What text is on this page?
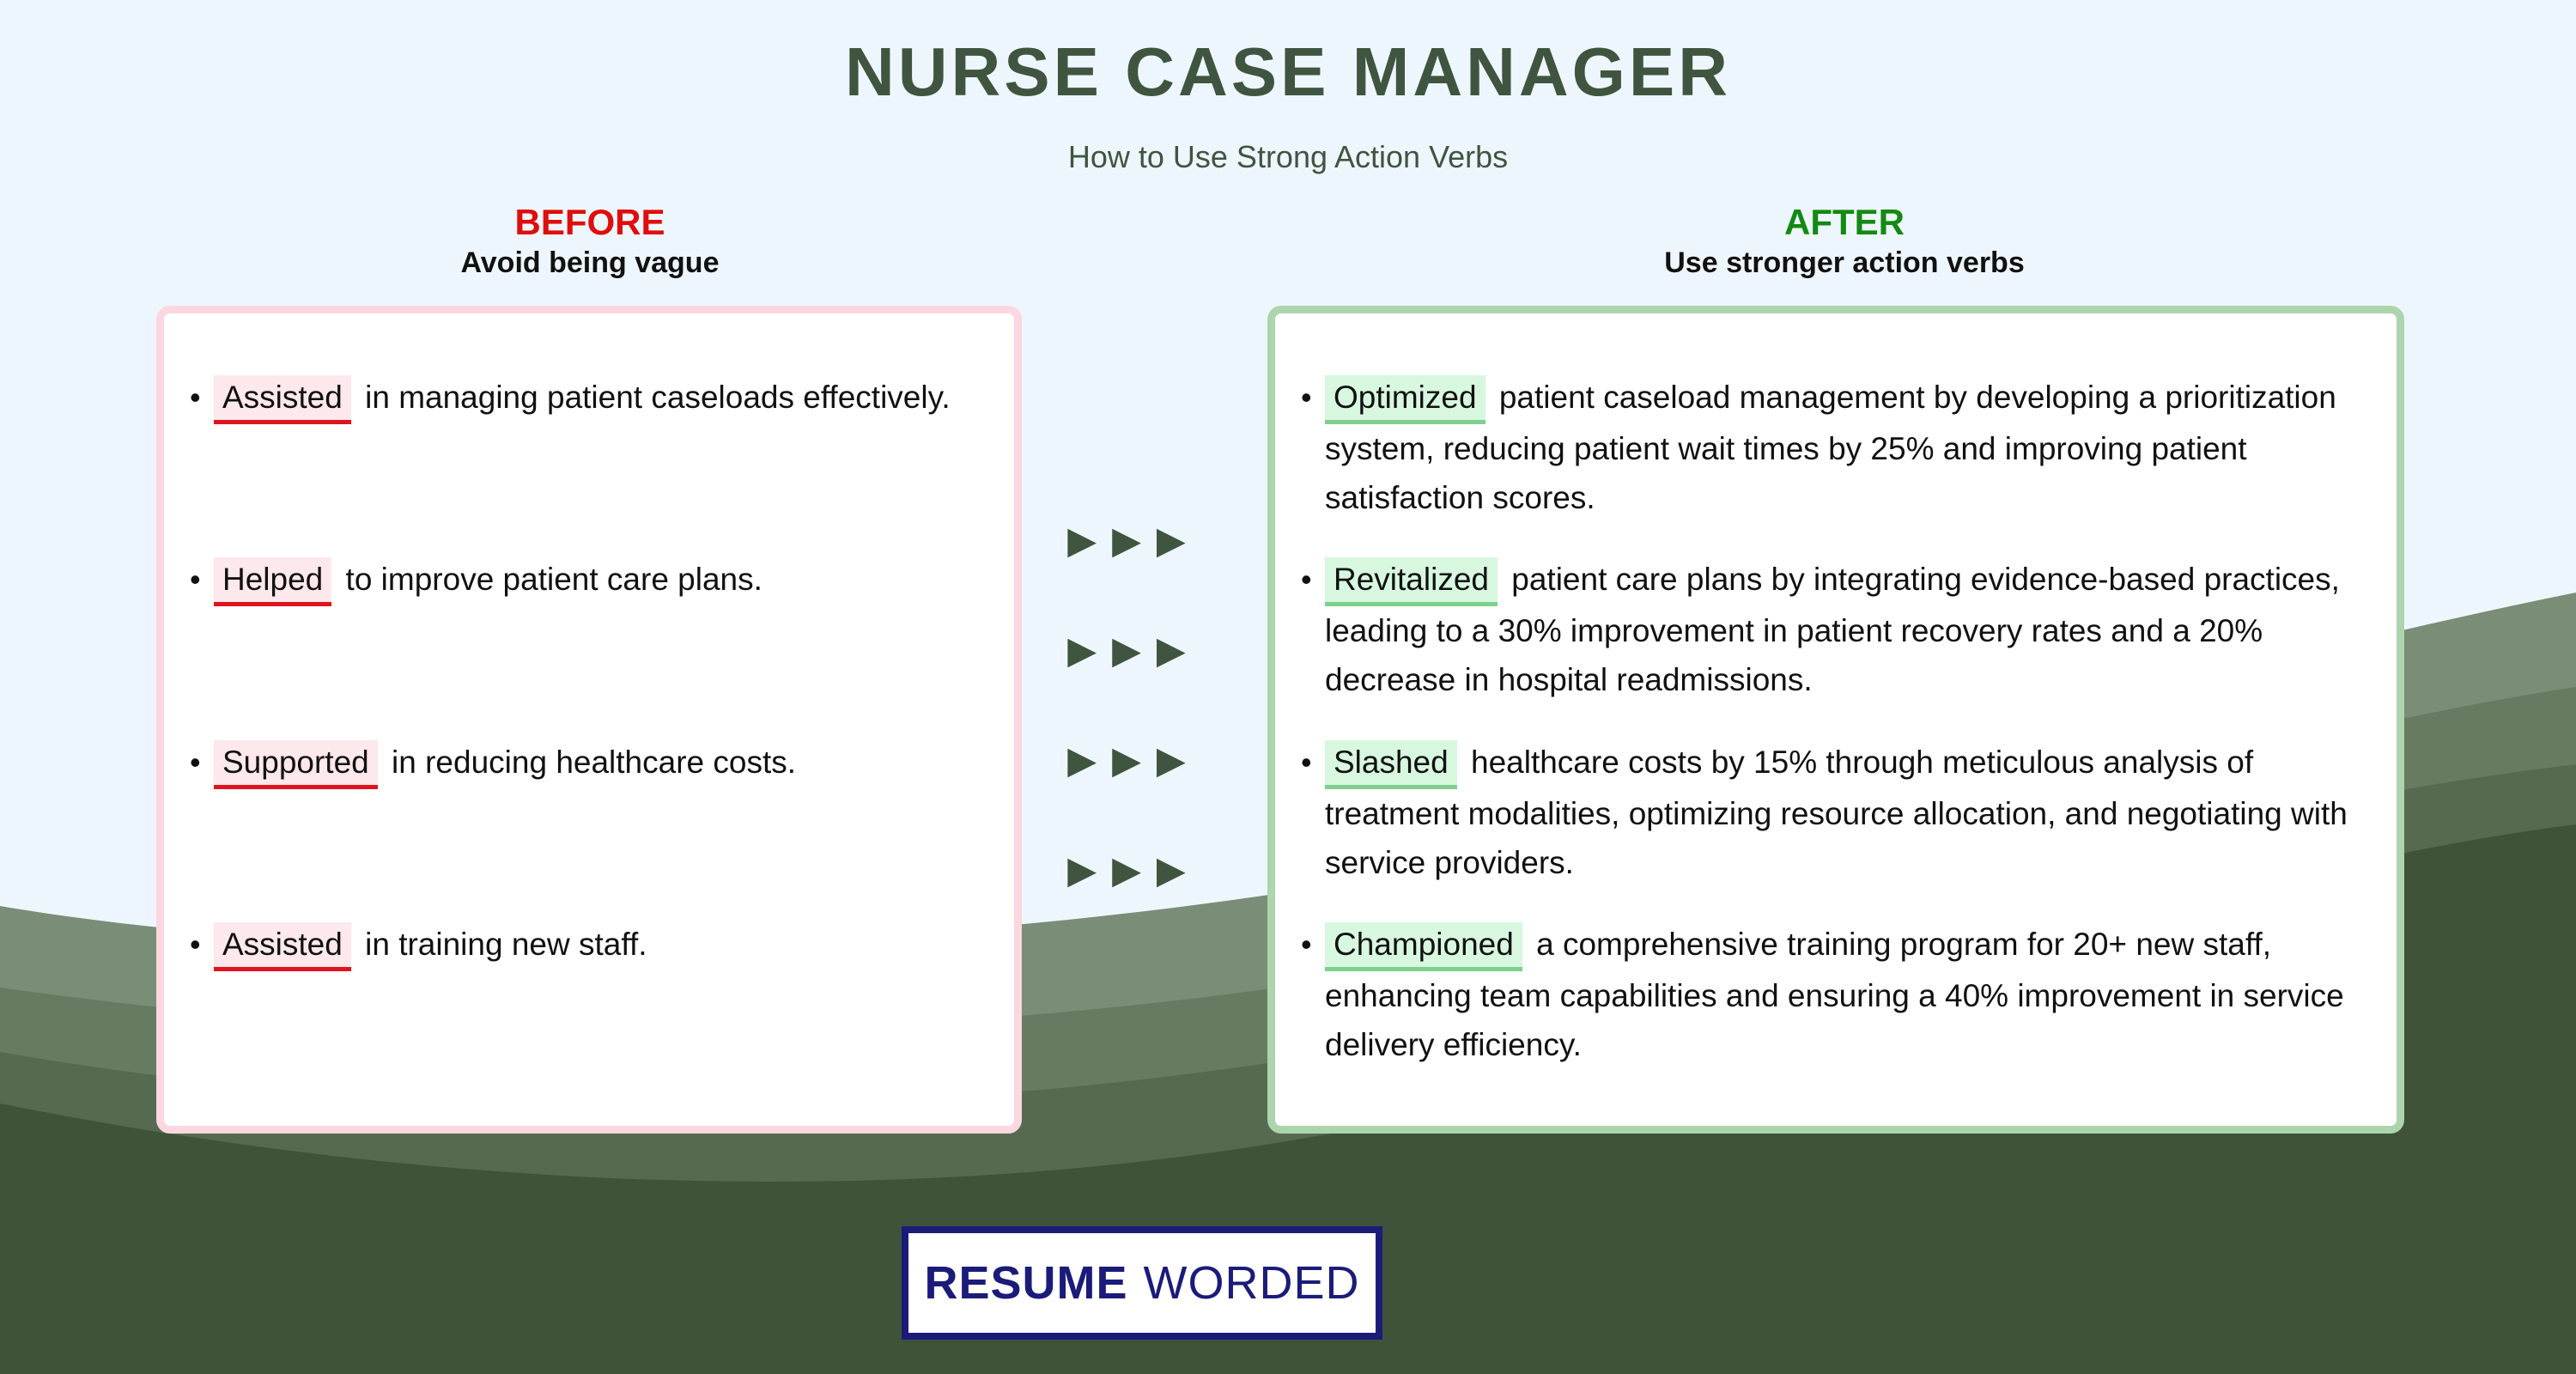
NURSE CASE MANAGER
How to Use Strong Action Verbs
BEFORE
Avoid being vague
AFTER
Use stronger action verbs
• Assisted in managing patient caseloads effectively.
• Helped to improve patient care plans.
• Supported in reducing healthcare costs.
• Assisted in training new staff.
▶▶▶
▶▶▶
▶▶▶
▶▶▶
• Optimized patient caseload management by developing a prioritization system, reducing patient wait times by 25% and improving patient satisfaction scores.
• Revitalized patient care plans by integrating evidence-based practices, leading to a 30% improvement in patient recovery rates and a 20% decrease in hospital readmissions.
• Slashed healthcare costs by 15% through meticulous analysis of treatment modalities, optimizing resource allocation, and negotiating with service providers.
• Championed a comprehensive training program for 20+ new staff, enhancing team capabilities and ensuring a 40% improvement in service delivery efficiency.
RESUME WORDED
